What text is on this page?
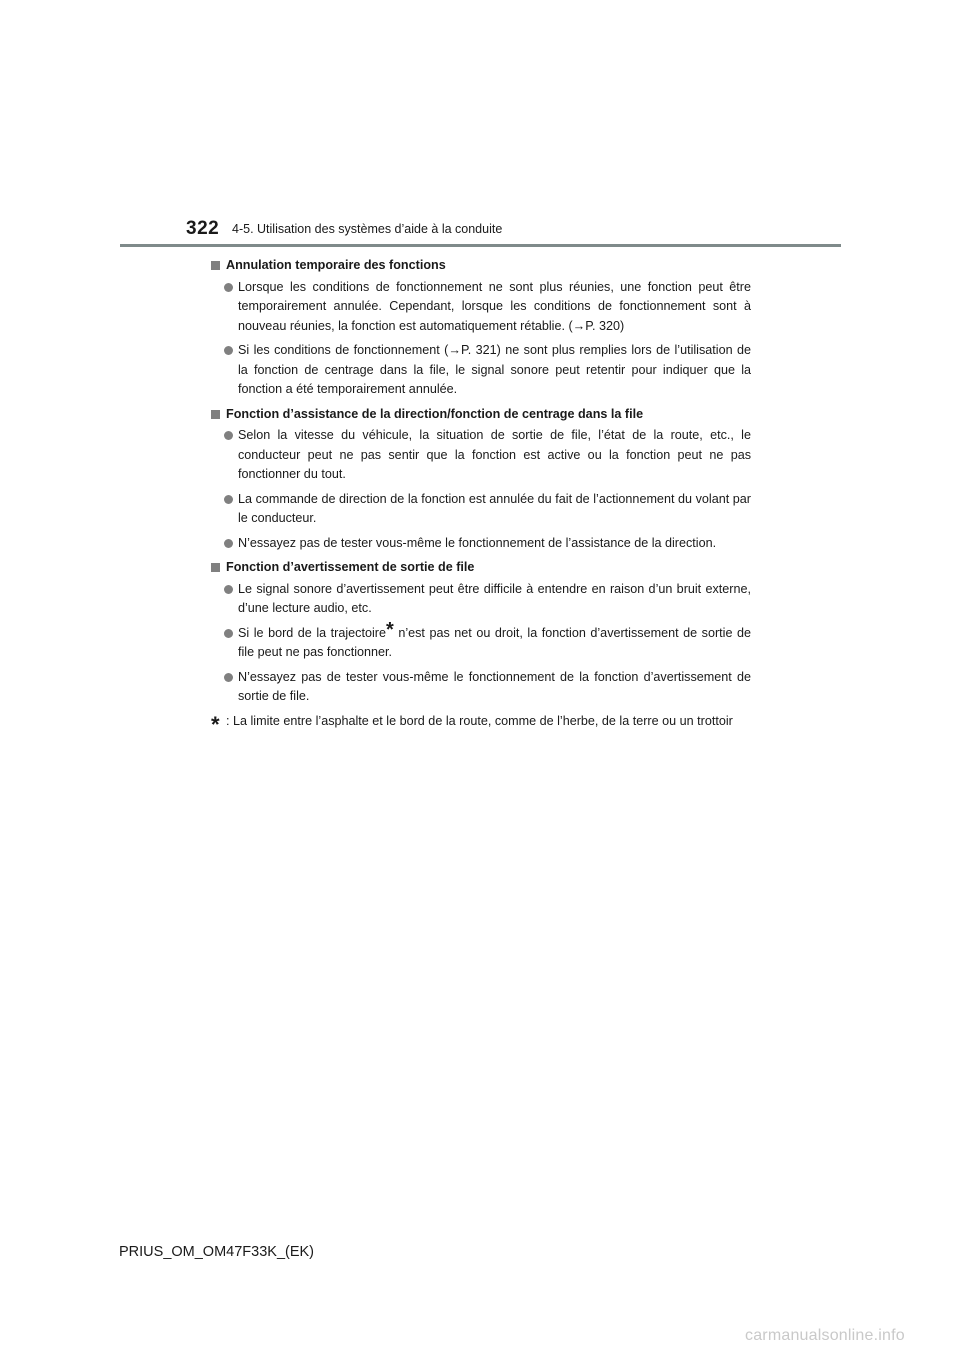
322 4-5. Utilisation des systèmes d’aide à la conduite
Annulation temporaire des fonctions
Lorsque les conditions de fonctionnement ne sont plus réunies, une fonction peut être temporairement annulée. Cependant, lorsque les conditions de fonctionnement sont à nouveau réunies, la fonction est automatiquement rétablie. (→P. 320)
Si les conditions de fonctionnement (→P. 321) ne sont plus remplies lors de l’utilisation de la fonction de centrage dans la file, le signal sonore peut retentir pour indiquer que la fonction a été temporairement annulée.
Fonction d’assistance de la direction/fonction de centrage dans la file
Selon la vitesse du véhicule, la situation de sortie de file, l’état de la route, etc., le conducteur peut ne pas sentir que la fonction est active ou la fonction peut ne pas fonctionner du tout.
La commande de direction de la fonction est annulée du fait de l’actionnement du volant par le conducteur.
N’essayez pas de tester vous-même le fonctionnement de l’assistance de la direction.
Fonction d’avertissement de sortie de file
Le signal sonore d’avertissement peut être difficile à entendre en raison d’un bruit externe, d’une lecture audio, etc.
Si le bord de la trajectoire* n’est pas net ou droit, la fonction d’avertissement de sortie de file peut ne pas fonctionner.
N’essayez pas de tester vous-même le fonctionnement de la fonction d’avertissement de sortie de file.
* : La limite entre l’asphalte et le bord de la route, comme de l’herbe, de la terre ou un trottoir
PRIUS_OM_OM47F33K_(EK)
carmanualsonline.info
